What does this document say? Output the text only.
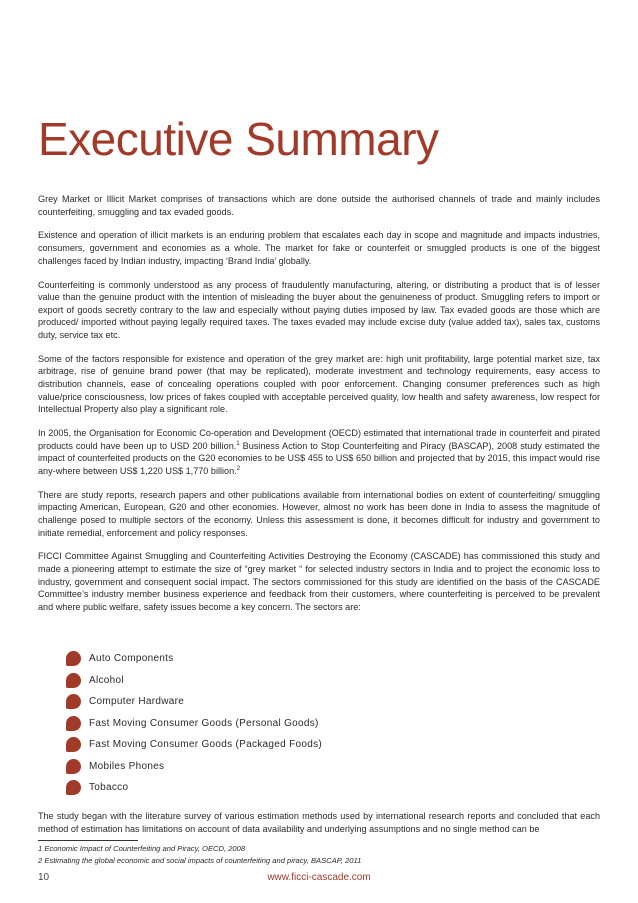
Executive Summary

Grey Market or Illicit Market comprises of transactions which are done outside the authorised channels of trade and mainly includes counterfeiting, smuggling and tax evaded goods.

Existence and operation of illicit markets is an enduring problem that escalates each day in scope and magnitude and impacts industries, consumers, government and economies as a whole. The market for fake or counterfeit or smuggled products is one of the biggest challenges faced by Indian industry, impacting ‘Brand India’ globally.

Counterfeiting is commonly understood as any process of fraudulently manufacturing, altering, or distributing a product that is of lesser value than the genuine product with the intention of misleading the buyer about the genuineness of product. Smuggling refers to import or export of goods secretly contrary to the law and especially without paying duties imposed by law. Tax evaded goods are those which are produced/ imported without paying legally required taxes. The taxes evaded may include excise duty (value added tax), sales tax, customs duty, service tax etc.

Some of the factors responsible for existence and operation of the grey market are: high unit profitability, large potential market size, tax arbitrage, rise of genuine brand power (that may be replicated), moderate investment and technology requirements, easy access to distribution channels, ease of concealing operations coupled with poor enforcement. Changing consumer preferences such as high value/price consciousness, low prices of fakes coupled with acceptable perceived quality, low health and safety awareness, low respect for Intellectual Property also play a significant role.

In 2005, the Organisation for Economic Co-operation and Development (OECD) estimated that international trade in counterfeit and pirated products could have been up to USD 200 billion.$^1$ Business Action to Stop Counterfeiting and Piracy (BASCAP), 2008 study estimated the impact of counterfeited products on the G20 economies to be US$ 455 to US$ 650 billion and projected that by 2015, this impact would rise any-where between US$ 1,220 US$ 1,770 billion.$^2$

There are study reports, research papers and other publications available from international bodies on extent of counterfeiting/ smuggling impacting American, European, G20 and other economies. However, almost no work has been done in India to assess the magnitude of challenge posed to multiple sectors of the economy. Unless this assessment is done, it becomes difficult for industry and government to initiate remedial, enforcement and policy responses.

FICCI Committee Against Smuggling and Counterfeiting Activities Destroying the Economy (CASCADE) has commissioned this study and made a pioneering attempt to estimate the size of “grey market “ for selected industry sectors in India and to project the economic loss to industry, government and consequent social impact. The sectors commissioned for this study are identified on the basis of the CASCADE Committee’s industry member business experience and feedback from their customers, where counterfeiting is perceived to be prevalent and where public welfare, safety issues become a key concern. The sectors are:

Auto Components
Alcohol
Computer Hardware
Fast Moving Consumer Goods (Personal Goods)
Fast Moving Consumer Goods (Packaged Foods)
Mobiles Phones
Tobacco

The study began with the literature survey of various estimation methods used by international research reports and concluded that each method of estimation has limitations on account of data availability and underlying assumptions and no single method can be

1 Economic Impact of Counterfeiting and Piracy, OECD, 2008
2 Estimating the global economic and social impacts of counterfeiting and piracy, BASCAP, 2011
10	www.ficci-cascade.com
